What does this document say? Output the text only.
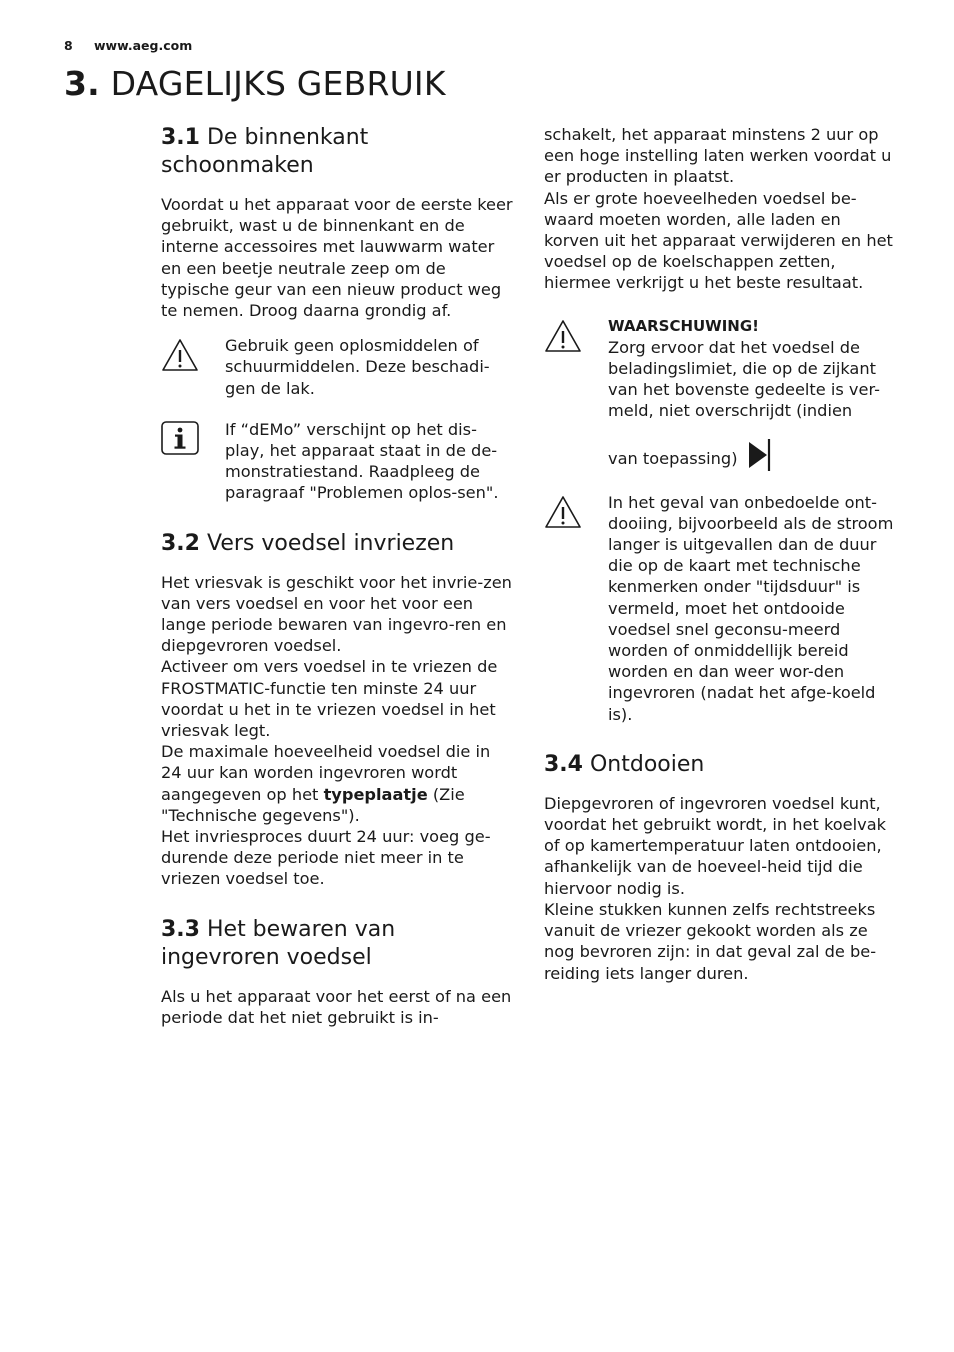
8 www.aeg.com
3. DAGELIJKS GEBRUIK
3.1 De binnenkant schoonmaken

Voordat u het apparaat voor de eerste keer gebruikt, wast u de binnenkant en de interne accessoires met lauwwarm water en een beetje neutrale zeep om de typische geur van een nieuw product weg te nemen. Droog daarna grondig af.

Gebruik geen oplosmiddelen of schuurmiddelen. Deze beschadi-gen de lak.

If “dEMo” verschijnt op het dis-play, het apparaat staat in de de-monstratiestand. Raadpleeg de paragraaf "Problemen oplos-sen".

3.2 Vers voedsel invriezen

Het vriesvak is geschikt voor het invrie-zen van vers voedsel en voor het voor een lange periode bewaren van ingevro-ren en diepgevroren voedsel.

Activeer om vers voedsel in te vriezen de FROSTMATIC-functie ten minste 24 uur voordat u het in te vriezen voedsel in het vriesvak legt.

De maximale hoeveelheid voedsel die in 24 uur kan worden ingevroren wordt aangegeven op het typeplaatje (Zie "Technische gegevens").

Het invriesproces duurt 24 uur: voeg ge-durende deze periode niet meer in te vriezen voedsel toe.

3.3 Het bewaren van ingevroren voedsel

Als u het apparaat voor het eerst of na een periode dat het niet gebruikt is in-

schakelt, het apparaat minstens 2 uur op een hoge instelling laten werken voordat u er producten in plaatst.

Als er grote hoeveelheden voedsel be-waard moeten worden, alle laden en korven uit het apparaat verwijderen en het voedsel op de koelschappen zetten, hiermee verkrijgt u het beste resultaat.

WAARSCHUWING!

Zorg ervoor dat het voedsel de beladingslimiet, die op de zijkant van het bovenste gedeelte is ver-meld, niet overschrijdt (indien

van toepassing)

In het geval van onbedoelde ont-dooiing, bijvoorbeeld als de stroom langer is uitgevallen dan de duur die op de kaart met technische kenmerken onder "tijdsduur" is vermeld, moet het ontdooide voedsel snel geconsu-meerd worden of onmiddellijk bereid worden en dan weer wor-den ingevroren (nadat het afge-koeld is).

3.4 Ontdooien

Diepgevroren of ingevroren voedsel kunt, voordat het gebruikt wordt, in het koelvak of op kamertemperatuur laten ontdooien, afhankelijk van de hoeveel-heid tijd die hiervoor nodig is.

Kleine stukken kunnen zelfs rechtstreeks vanuit de vriezer gekookt worden als ze nog bevroren zijn: in dat geval zal de be-reiding iets langer duren.
